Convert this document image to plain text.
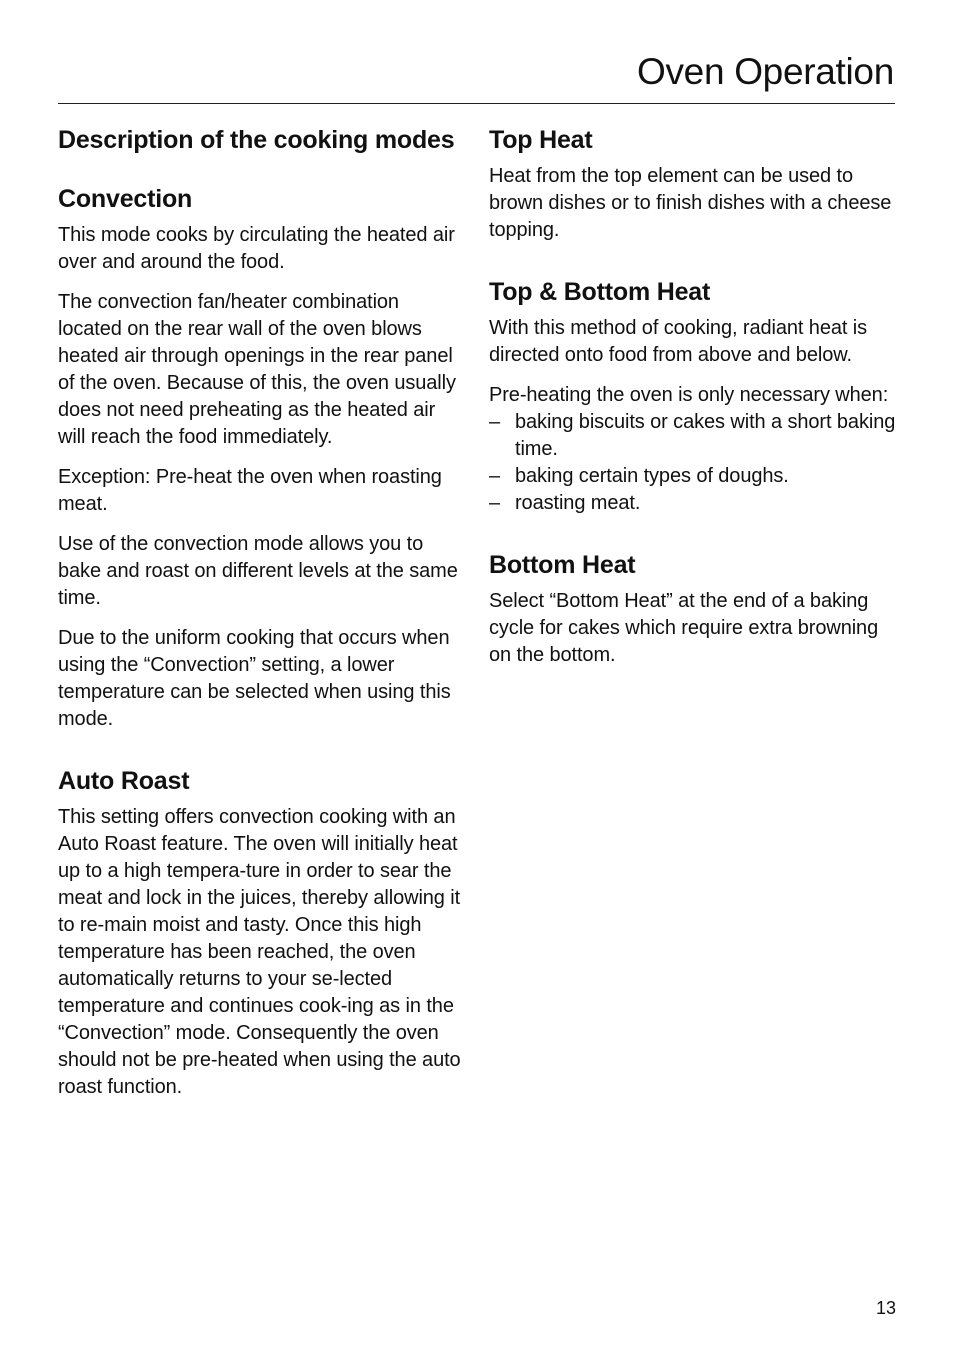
Oven Operation
Description of the cooking modes
Convection

This mode cooks by circulating the heated air over and around the food.

The convection fan/heater combination located on the rear wall of the oven blows heated air through openings in the rear panel of the oven. Because of this, the oven usually does not need preheating as the heated air will reach the food immediately.

Exception: Pre-heat the oven when roasting meat.

Use of the convection mode allows you to bake and roast on different levels at the same time.

Due to the uniform cooking that occurs when using the “Convection” setting, a lower temperature can be selected when using this mode.

Auto Roast

This setting offers convection cooking with an Auto Roast feature. The oven will initially heat up to a high tempera-ture in order to sear the meat and lock in the juices, thereby allowing it to re-main moist and tasty. Once this high temperature has been reached, the oven automatically returns to your se-lected temperature and continues cook-ing as in the “Convection” mode. Consequently the oven should not be pre-heated when using the auto roast function.

Top Heat

Heat from the top element can be used to brown dishes or to finish dishes with a cheese topping.

Top & Bottom Heat

With this method of cooking, radiant heat is directed onto food from above and below.

Pre-heating the oven is only necessary when:

– baking biscuits or cakes with a short baking time.
– baking certain types of doughs.
– roasting meat.
Bottom Heat

Select “Bottom Heat” at the end of a baking cycle for cakes which require extra browning on the bottom.

13
